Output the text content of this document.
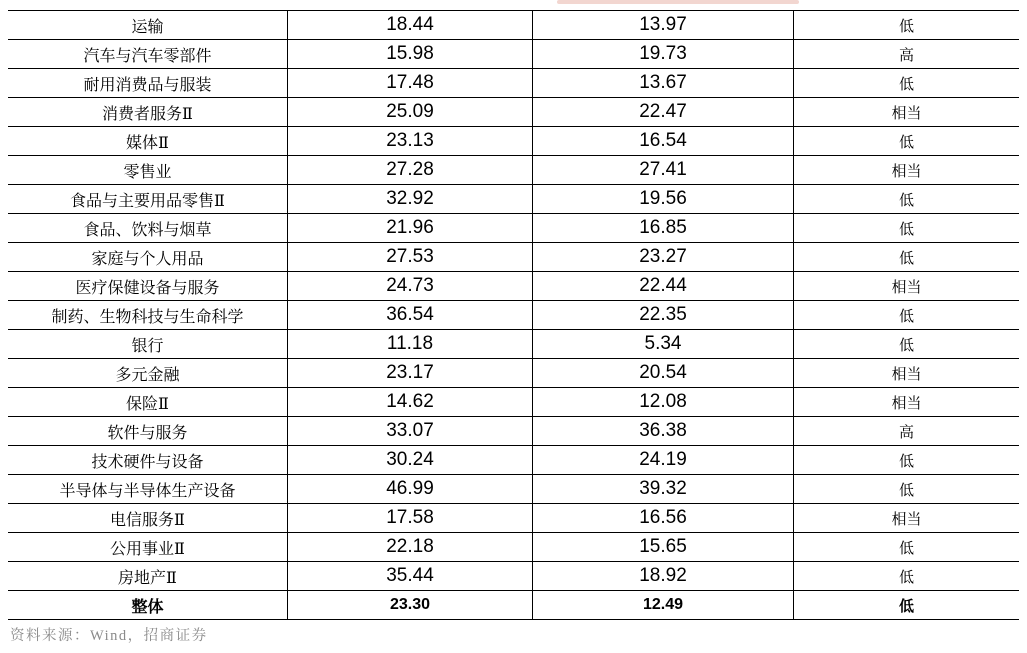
运输	18.44	13.97	低
汽车与汽车零部件	15.98	19.73	高
耐用消费品与服装	17.48	13.67	低
消费者服务Ⅱ	25.09	22.47	相当
媒体Ⅱ	23.13	16.54	低
零售业	27.28	27.41	相当
食品与主要用品零售Ⅱ	32.92	19.56	低
食品、饮料与烟草	21.96	16.85	低
家庭与个人用品	27.53	23.27	低
医疗保健设备与服务	24.73	22.44	相当
制药、生物科技与生命科学	36.54	22.35	低
银行	11.18	5.34	低
多元金融	23.17	20.54	相当
保险Ⅱ	14.62	12.08	相当
软件与服务	33.07	36.38	高
技术硬件与设备	30.24	24.19	低
半导体与半导体生产设备	46.99	39.32	低
电信服务Ⅱ	17.58	16.56	相当
公用事业Ⅱ	22.18	15.65	低
房地产Ⅱ	35.44	18.92	低
整体	23.30	12.49	低
资料来源：Wind，招商证券
